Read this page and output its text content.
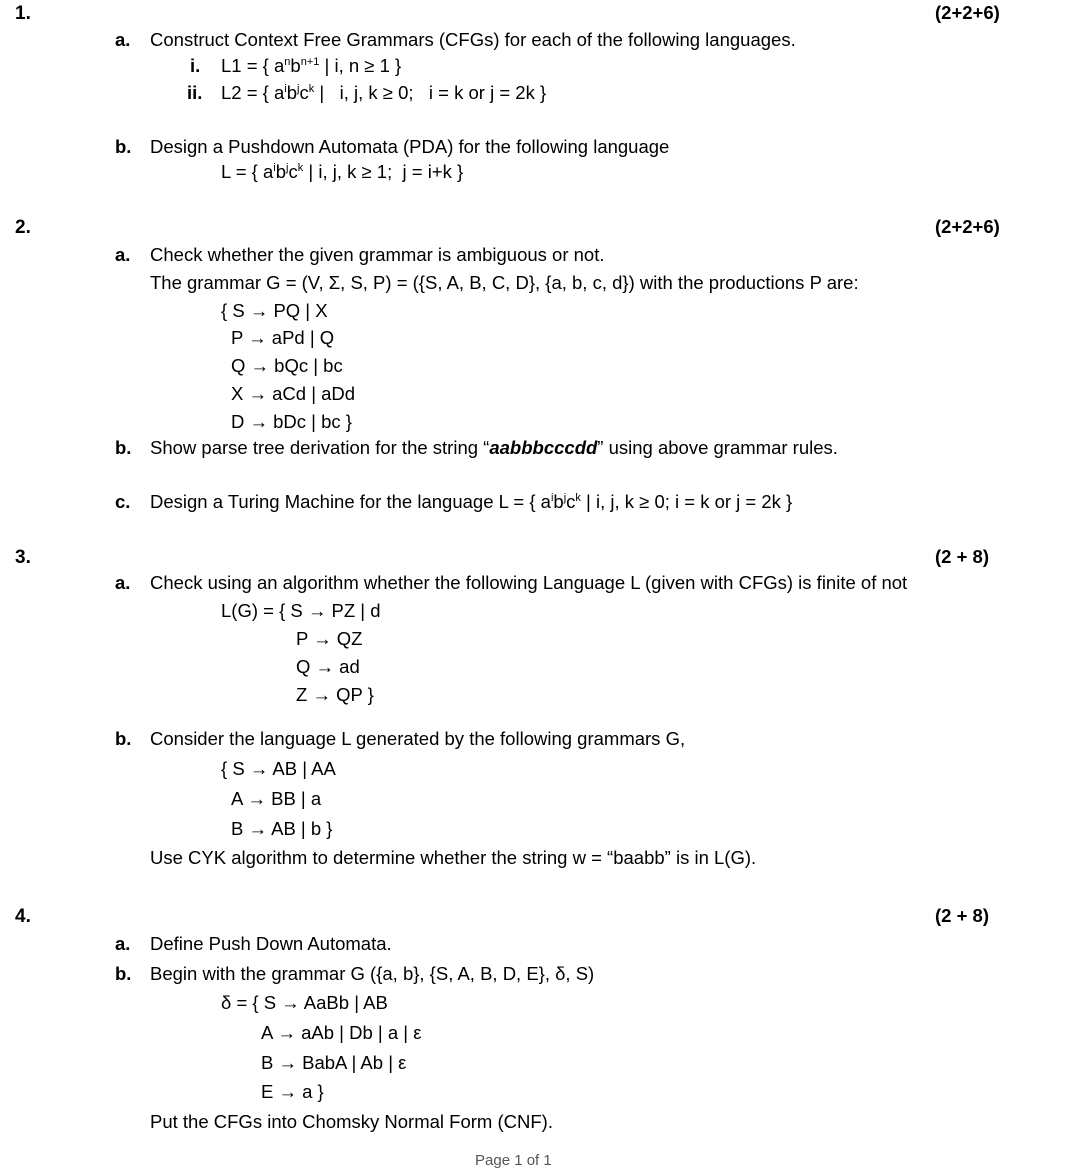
1.	(2+2+6)
a. Construct Context Free Grammars (CFGs) for each of the following languages.
i. L1 = { $a^nb^{n+1}$ | i, n ≥ 1 }
ii. L2 = { $a^ib^jc^k$ |   i, j, k ≥ 0;   i = k or j = 2k }
b. Design a Pushdown Automata (PDA) for the following language
L = { $a^ib^jc^k$ | i, j, k ≥ 1;  j = i+k }
2.	(2+2+6)
a. Check whether the given grammar is ambiguous or not.
The grammar G = (V, Σ, S, P) = ({S, A, B, C, D}, {a, b, c, d}) with the productions P are:
{ S → PQ | X
P → aPd | Q
Q → bQc | bc
X → aCd | aDd
D → bDc | bc }
b. Show parse tree derivation for the string “aabbbcccdd” using above grammar rules.
c. Design a Turing Machine for the language L = { $a^ib^jc^k$ | i, j, k ≥ 0; i = k or j = 2k }
3.	(2 + 8)
a. Check using an algorithm whether the following Language L (given with CFGs) is finite of not
L(G) = { S → PZ | d
P → QZ
Q → ad
Z → QP }
b. Consider the language L generated by the following grammars G,
{ S → AB | AA
A → BB | a
B → AB | b }
Use CYK algorithm to determine whether the string w = “baabb” is in L(G).
4.	(2 + 8)
a. Define Push Down Automata.
b. Begin with the grammar G ({a, b}, {S, A, B, D, E}, δ, S)
δ = { S → AaBb | AB
A → aAb | Db | a | ε
B → BabA | Ab | ε
E → a }
Put the CFGs into Chomsky Normal Form (CNF).
Page 1 of 1
